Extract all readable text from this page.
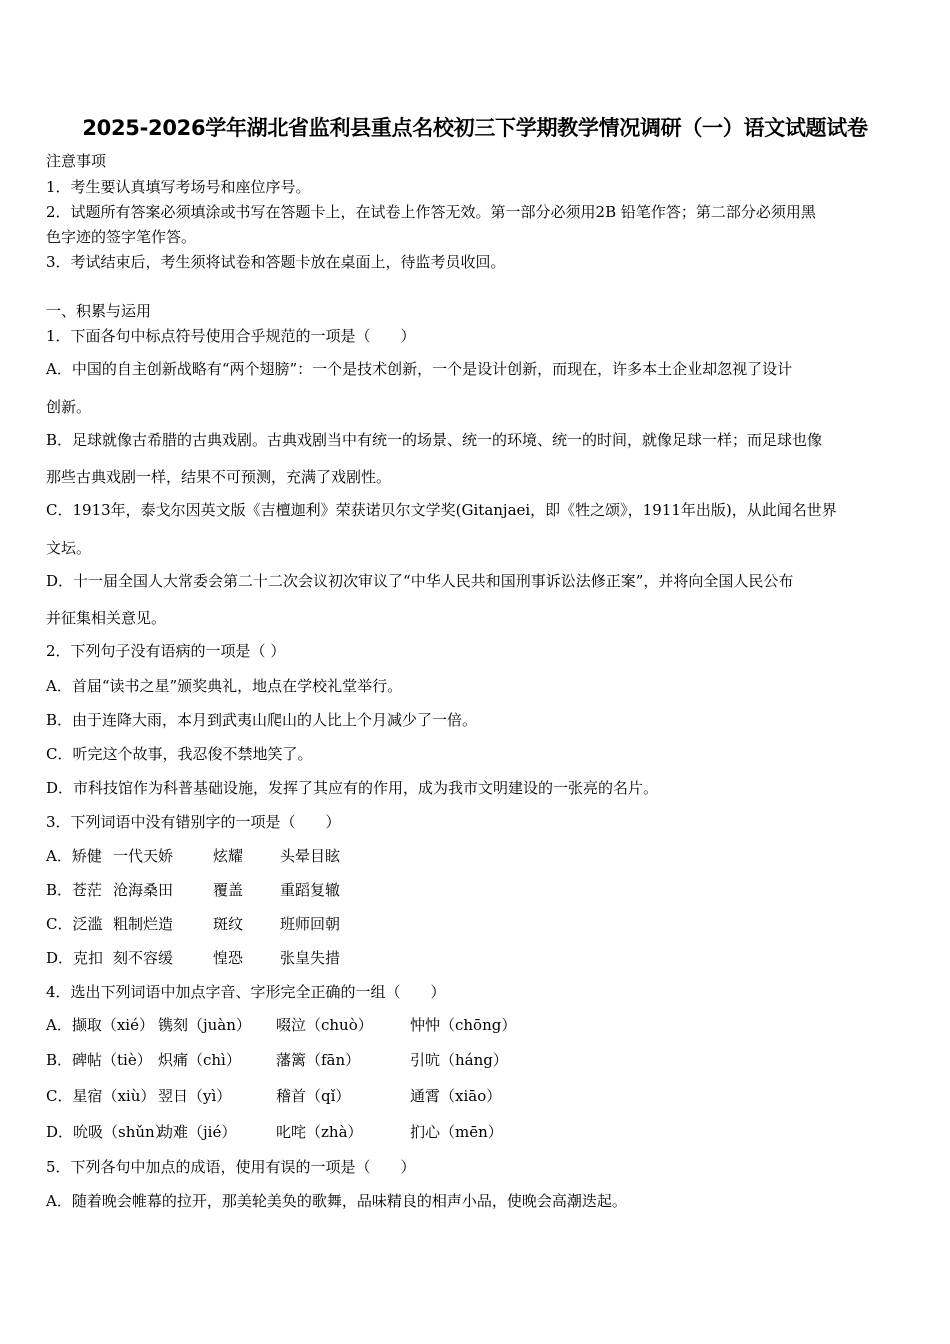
2025-2026学年湖北省监利县重点名校初三下学期教学情况调研（一）语文试题试卷
注意事项
1．考生要认真填写考场号和座位序号。
2．试题所有答案必须填涂或书写在答题卡上，在试卷上作答无效。第一部分必须用2B 铅笔作答；第二部分必须用黑
色字迹的签字笔作答。
3．考试结束后，考生须将试卷和答题卡放在桌面上，待监考员收回。
一、积累与运用
1．下面各句中标点符号使用合乎规范的一项是（　　）
A．中国的自主创新战略有“两个翅膀”：一个是技术创新，一个是设计创新，而现在，许多本土企业却忽视了设计
创新。
B．足球就像古希腊的古典戏剧。古典戏剧当中有统一的场景、统一的环境、统一的时间，就像足球一样；而足球也像
那些古典戏剧一样，结果不可预测，充满了戏剧性。
C．1913年，泰戈尔因英文版《吉檀迦利》荣获诺贝尔文学奖(Gitanjaei，即《牲之颂》，1911年出版)，从此闻名世界
文坛。
D．十一届全国人大常委会第二十二次会议初次审议了“中华人民共和国刑事诉讼法修正案”，并将向全国人民公布
并征集相关意见。
2．下列句子没有语病的一项是（ ）
A．首届“读书之星”颁奖典礼，地点在学校礼堂举行。
B．由于连降大雨，本月到武夷山爬山的人比上个月减少了一倍。
C．听完这个故事，我忍俊不禁地笑了。
D．市科技馆作为科普基础设施，发挥了其应有的作用，成为我市文明建设的一张亮的名片。
3．下列词语中没有错别字的一项是（　　）
A．矫健 一代天娇	炫耀 头晕目眩
B．苍茫 沧海桑田	覆盖 重蹈复辙
C．泛滥 粗制烂造	斑纹 班师回朝
D．克扣 刻不容缓	惶恐 张皇失措
4．选出下列词语中加点字音、字形完全正确的一组（　　）
A．撷取（xié） 镌刻（juàn） 啜泣（chuò） 忡忡（chōng）
B．碑帖（tiè） 炽痛（chì） 藩篱（fān）	引吭（háng）
C．星宿（xiù） 翌日（yì）	稽首（qǐ）	通霄（xiāo）
D．吮吸（shǔn）劫难（jié）	叱咤（zhà）	扪心（mēn）
5．下列各句中加点的成语，使用有误的一项是（　　）
A．随着晚会帷幕的拉开，那美轮美奂的歌舞，品味精良的相声小品，使晚会高潮迭起。
